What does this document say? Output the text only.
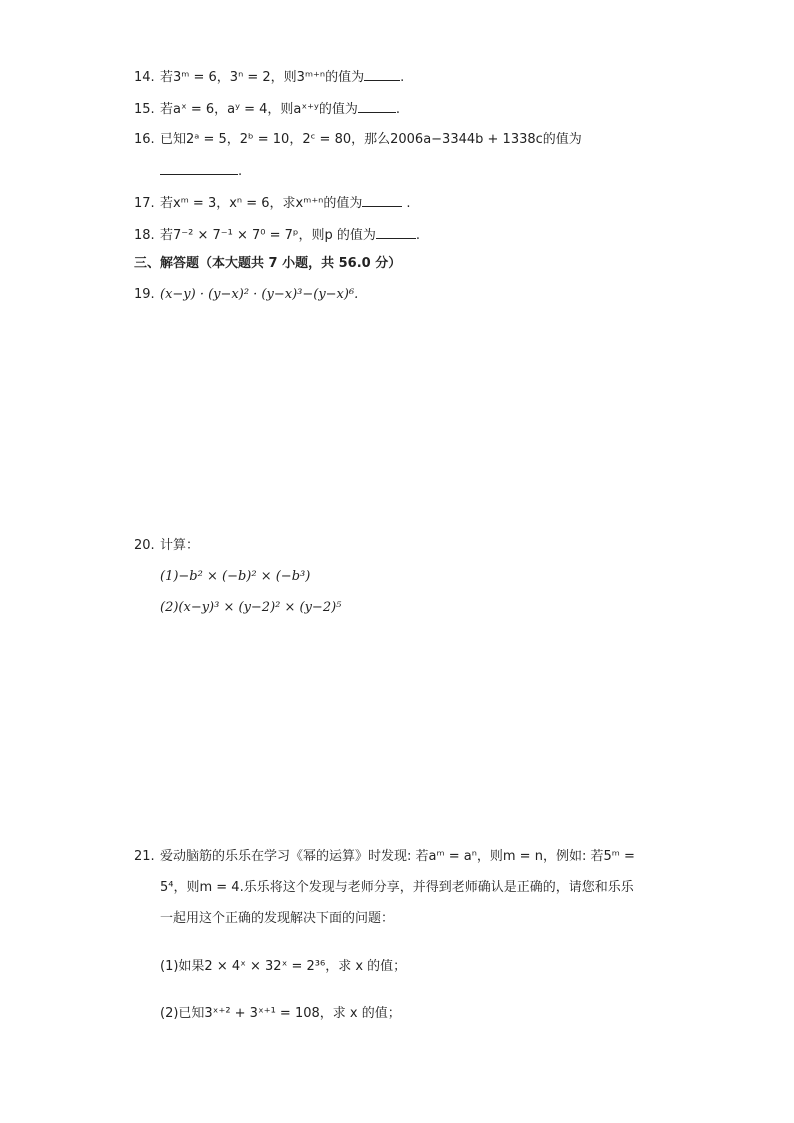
14. 若3ᵐ = 6，3ⁿ = 2，则3ᵐ⁺ⁿ的值为	.
15. 若aˣ = 6，aʸ = 4，则aˣ⁺ʸ的值为	.
16. 已知2ᵃ = 5，2ᵇ = 10，2ᶜ = 80，那么2006a−3344b + 1338c的值为
.
17. 若xᵐ = 3，xⁿ = 6，求xᵐ⁺ⁿ的值为	.
18. 若7⁻² × 7⁻¹ × 7⁰ = 7ᵖ，则p 的值为	.
三、解答题（本大题共 7 小题，共 56.0 分）
19. (x−y) · (y−x)² · (y−x)³−(y−x)⁶.
20. 计算：
(1)−b² × (−b)² × (−b³)
(2)(x−y)³ × (y−2)² × (y−2)⁵
21. 爱动脑筋的乐乐在学习《幂的运算》时发现: 若aᵐ = aⁿ，则m = n，例如: 若5ᵐ =
5⁴，则m = 4.乐乐将这个发现与老师分享，并得到老师确认是正确的，请您和乐乐
一起用这个正确的发现解决下面的问题：
(1)如果2 × 4ˣ × 32ˣ = 2³⁶，求 x 的值；
(2)已知3ˣ⁺² + 3ˣ⁺¹ = 108，求 x 的值；
